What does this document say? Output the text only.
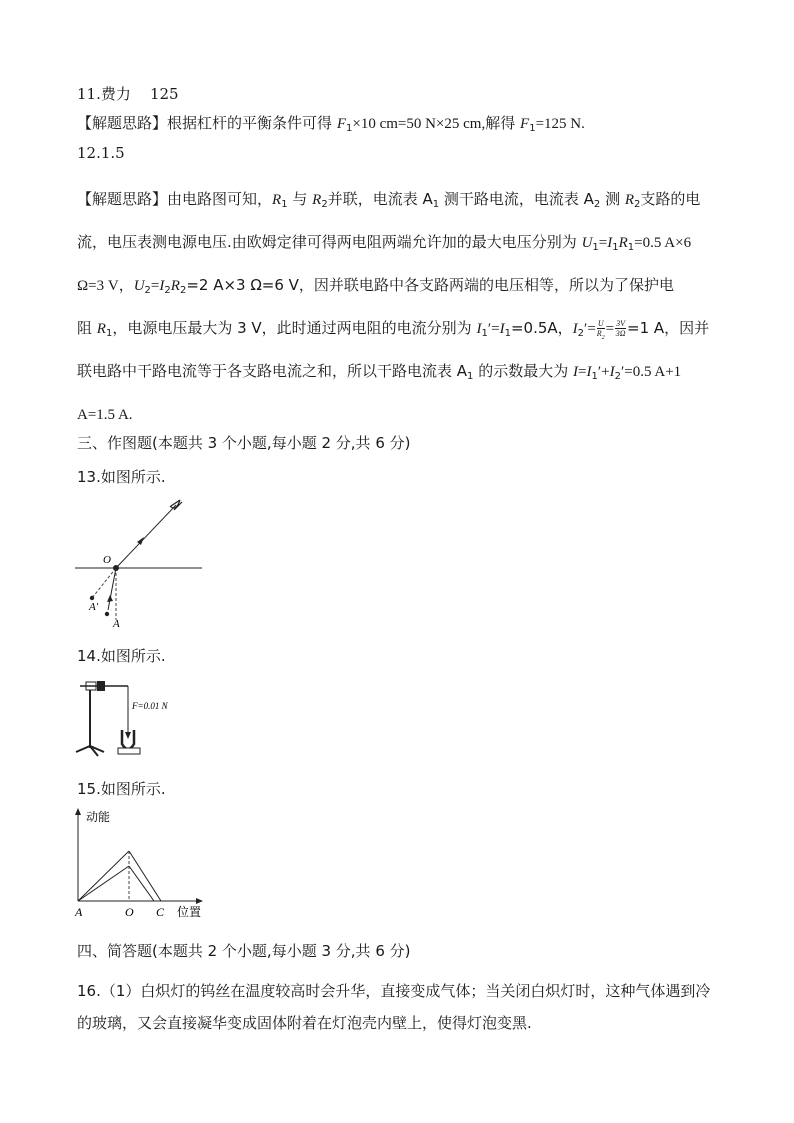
11.费力 125
【解题思路】根据杠杆的平衡条件可得 $F_1\times 10$ cm=50 N×25 cm,解得 $F_1=125$ N.
12.1.5
【解题思路】由电路图可知，$R_1$ 与 $R_2$并联，电流表 $A_1$ 测干路电流，电流表 $A_2$ 测 $R_2$支路的电流，电压表测电源电压.由欧姆定律可得两电阻两端允许加的最大电压分别为 $U_1=I_1R_1=0.5$ A×6 Ω=3 V，$U_2=I_2R_2=2$ A×3 Ω=6 V，因并联电路中各支路两端的电压相等，所以为了保护电阻 $R_1$，电源电压最大为 3 V，此时通过两电阻的电流分别为 $I_1'=I_1=0.5A$，$I_2'= \frac{U}{R_2} = \frac{3V}{3\Omega} =1$ A，因并联电路中干路电流等于各支路电流之和，所以干路电流表 $A_1$ 的示数最大为 $I=I_1'+I_2'=0.5$ A+1 A=1.5 A.
三、作图题(本题共 3 个小题,每小题 2 分,共 6 分)
13.如图所示.
O
A′
A
14.如图所示.
F=0.01 N
15.如图所示.
动能
A	O C 位置
四、简答题(本题共 2 个小题,每小题 3 分,共 6 分)
16.（1）白炽灯的钨丝在温度较高时会升华，直接变成气体；当关闭白炽灯时，这种气体遇到冷的玻璃，又会直接凝华变成固体附着在灯泡壳内壁上，使得灯泡变黑.
